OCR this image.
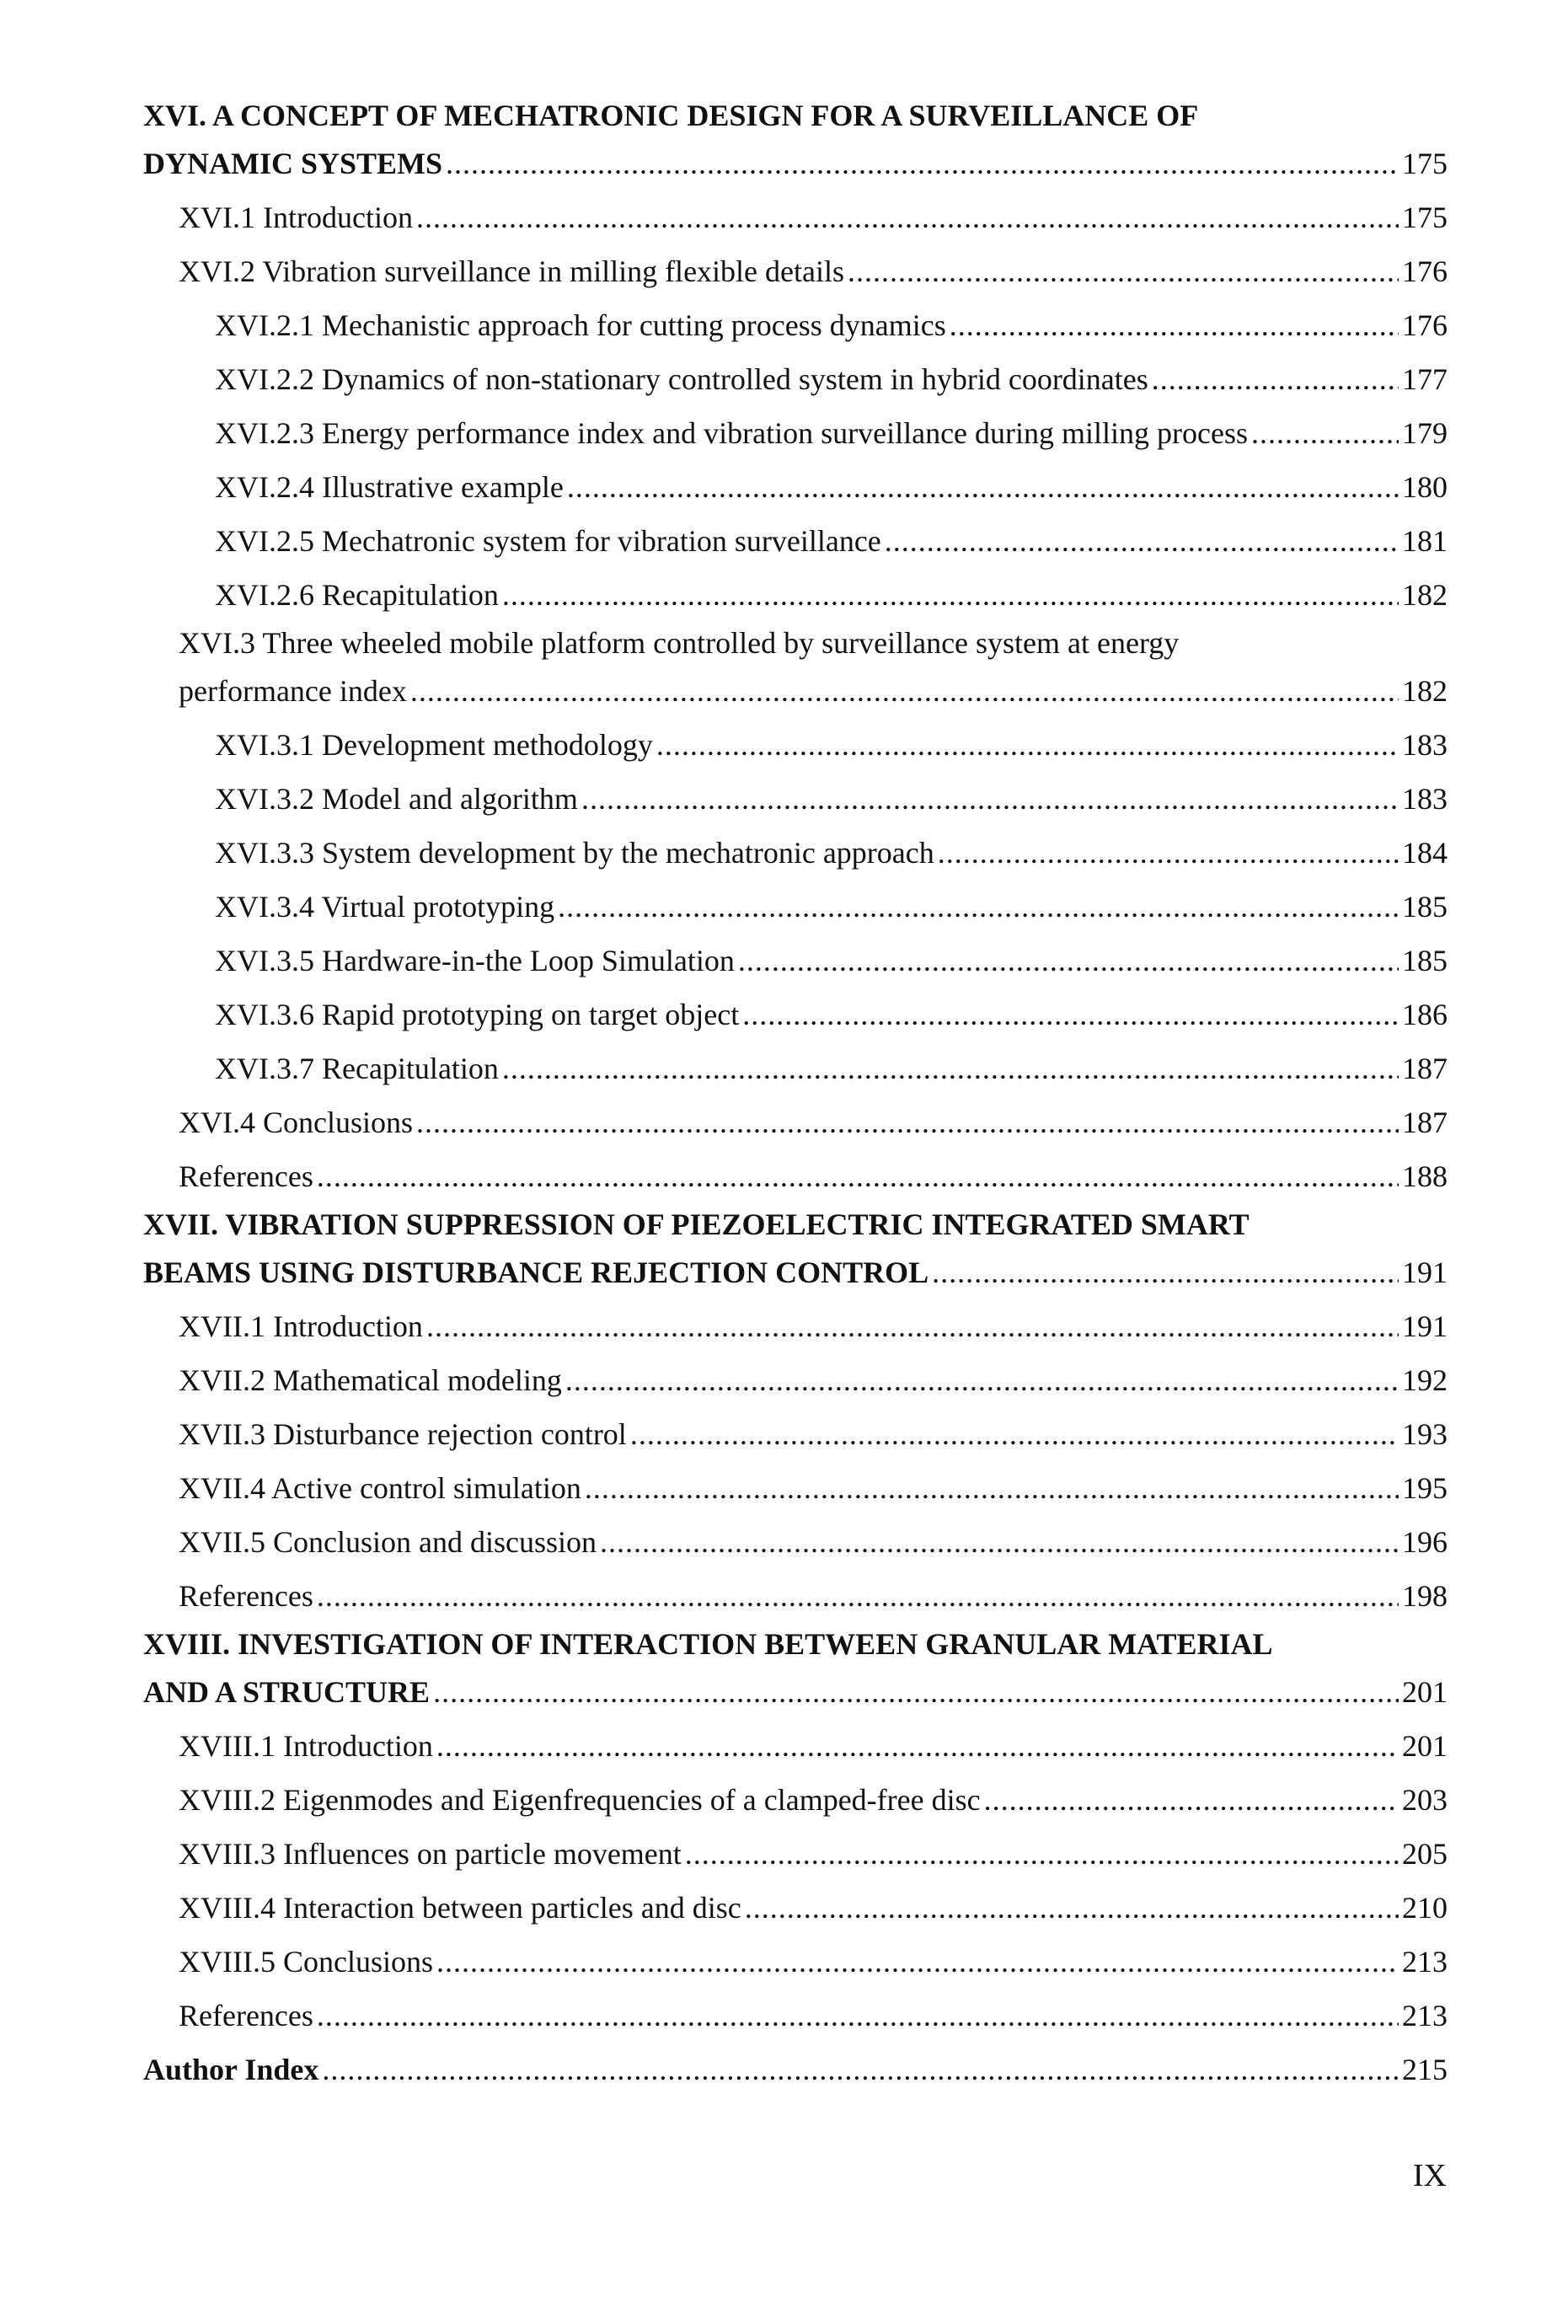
XVI. A CONCEPT OF MECHATRONIC DESIGN FOR A SURVEILLANCE OF
DYNAMIC SYSTEMS .....	175
XVI.1 Introduction .....	175
XVI.2 Vibration surveillance in milling flexible details .....	176
XVI.2.1 Mechanistic approach for cutting process dynamics .....	176
XVI.2.2 Dynamics of non-stationary controlled system in hybrid coordinates .....	177
XVI.2.3 Energy performance index and vibration surveillance during milling process .....	179
XVI.2.4 Illustrative example .....	180
XVI.2.5 Mechatronic system for vibration surveillance .....	181
XVI.2.6 Recapitulation .....	182
XVI.3 Three wheeled mobile platform controlled by surveillance system at energy
performance index .....	182
XVI.3.1 Development methodology .....	183
XVI.3.2 Model and algorithm .....	183
XVI.3.3 System development by the mechatronic approach .....	184
XVI.3.4 Virtual prototyping .....	185
XVI.3.5 Hardware-in-the Loop Simulation .....	185
XVI.3.6 Rapid prototyping on target object .....	186
XVI.3.7 Recapitulation .....	187
XVI.4 Conclusions .....	187
References .....	188
XVII. VIBRATION SUPPRESSION OF PIEZOELECTRIC INTEGRATED SMART
BEAMS USING DISTURBANCE REJECTION CONTROL .....	191
XVII.1 Introduction .....	191
XVII.2 Mathematical modeling .....	192
XVII.3 Disturbance rejection control .....	193
XVII.4 Active control simulation .....	195
XVII.5 Conclusion and discussion .....	196
References .....	198
XVIII. INVESTIGATION OF INTERACTION BETWEEN GRANULAR MATERIAL
AND A STRUCTURE .....	201
XVIII.1 Introduction .....	201
XVIII.2 Eigenmodes and Eigenfrequencies of a clamped-free disc .....	203
XVIII.3 Influences on particle movement .....	205
XVIII.4 Interaction between particles and disc .....	210
XVIII.5 Conclusions .....	213
References .....	213
Author Index .....	215
IX
